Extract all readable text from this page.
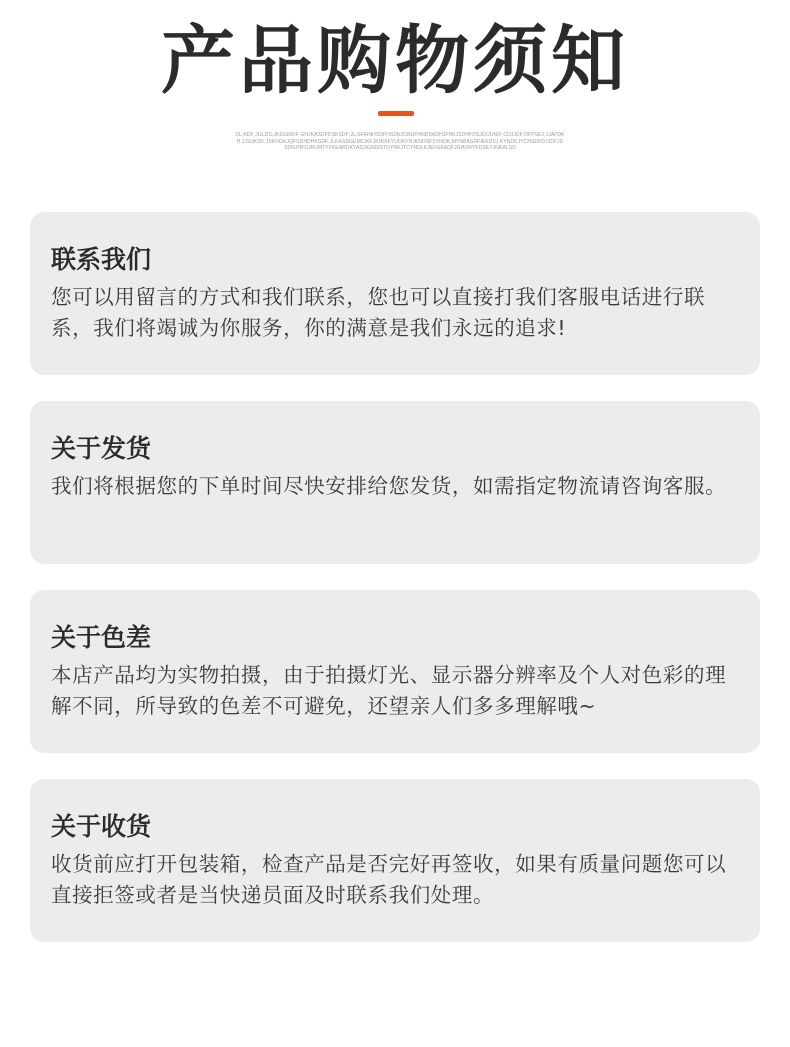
产品购物须知
DL;KDF;JGLDS;JKSGIRDF GHJKASDFDSKSDF;JL;SFAINHSDFHSDNJCBDFHNDSADHJFNKJSDHFDSJDIJUNIF;CDJJDF;DFPSEJ;JJAFDKH JJSUKDF;JSKNGKJQFSDHDHKSDF;JLKASDGEMCIKFJKHDIFYUOKFHJKNDSFSYNOK;MYNBASDFIEKDSJ KYNDKJYCHSDFDJJDFJDSDNJHFDJKUMTYFKEARDKYASJIGNISSTDYNKJTCYNDLKJEFGKADFJGHDNYKDSEYJNKALSD
联系我们

您可以用留言的方式和我们联系，您也可以直接打我们客服电话进行联系，我们将竭诚为你服务，你的满意是我们永远的追求!

关于发货

我们将根据您的下单时间尽快安排给您发货，如需指定物流请咨询客服。

关于色差

本店产品均为实物拍摄，由于拍摄灯光、显示器分辨率及个人对色彩的理解不同，所导致的色差不可避免，还望亲人们多多理解哦~

关于收货

收货前应打开包装箱，检查产品是否完好再签收，如果有质量问题您可以直接拒签或者是当快递员面及时联系我们处理。
